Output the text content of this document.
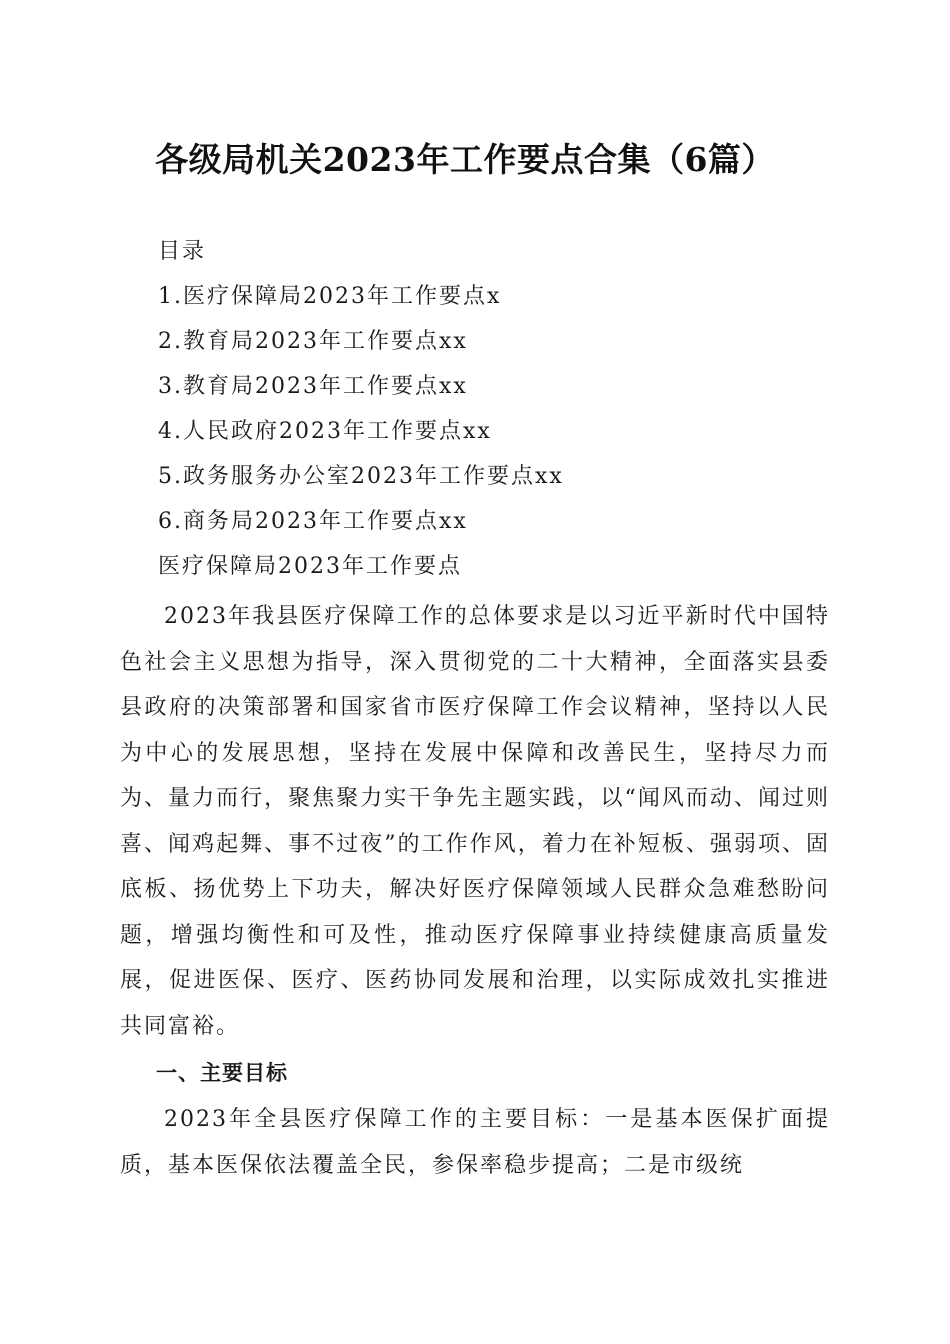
各级局机关2023年工作要点合集（6篇）
目录
1.医疗保障局2023年工作要点x
2.教育局2023年工作要点xx
3.教育局2023年工作要点xx
4.人民政府2023年工作要点xx
5.政务服务办公室2023年工作要点xx
6.商务局2023年工作要点xx
医疗保障局2023年工作要点

2023年我县医疗保障工作的总体要求是以习近平新时代中国特色社会主义思想为指导，深入贯彻党的二十大精神，全面落实县委县政府的决策部署和国家省市医疗保障工作会议精神，坚持以人民为中心的发展思想，坚持在发展中保障和改善民生，坚持尽力而为、量力而行，聚焦聚力实干争先主题实践，以“闻风而动、闻过则喜、闻鸡起舞、事不过夜”的工作作风，着力在补短板、强弱项、固底板、扬优势上下功夫，解决好医疗保障领域人民群众急难愁盼问题，增强均衡性和可及性，推动医疗保障事业持续健康高质量发展，促进医保、医疗、医药协同发展和治理，以实际成效扎实推进共同富裕。

一、主要目标

2023年全县医疗保障工作的主要目标：一是基本医保扩面提质，基本医保依法覆盖全民，参保率稳步提高；二是市级统
